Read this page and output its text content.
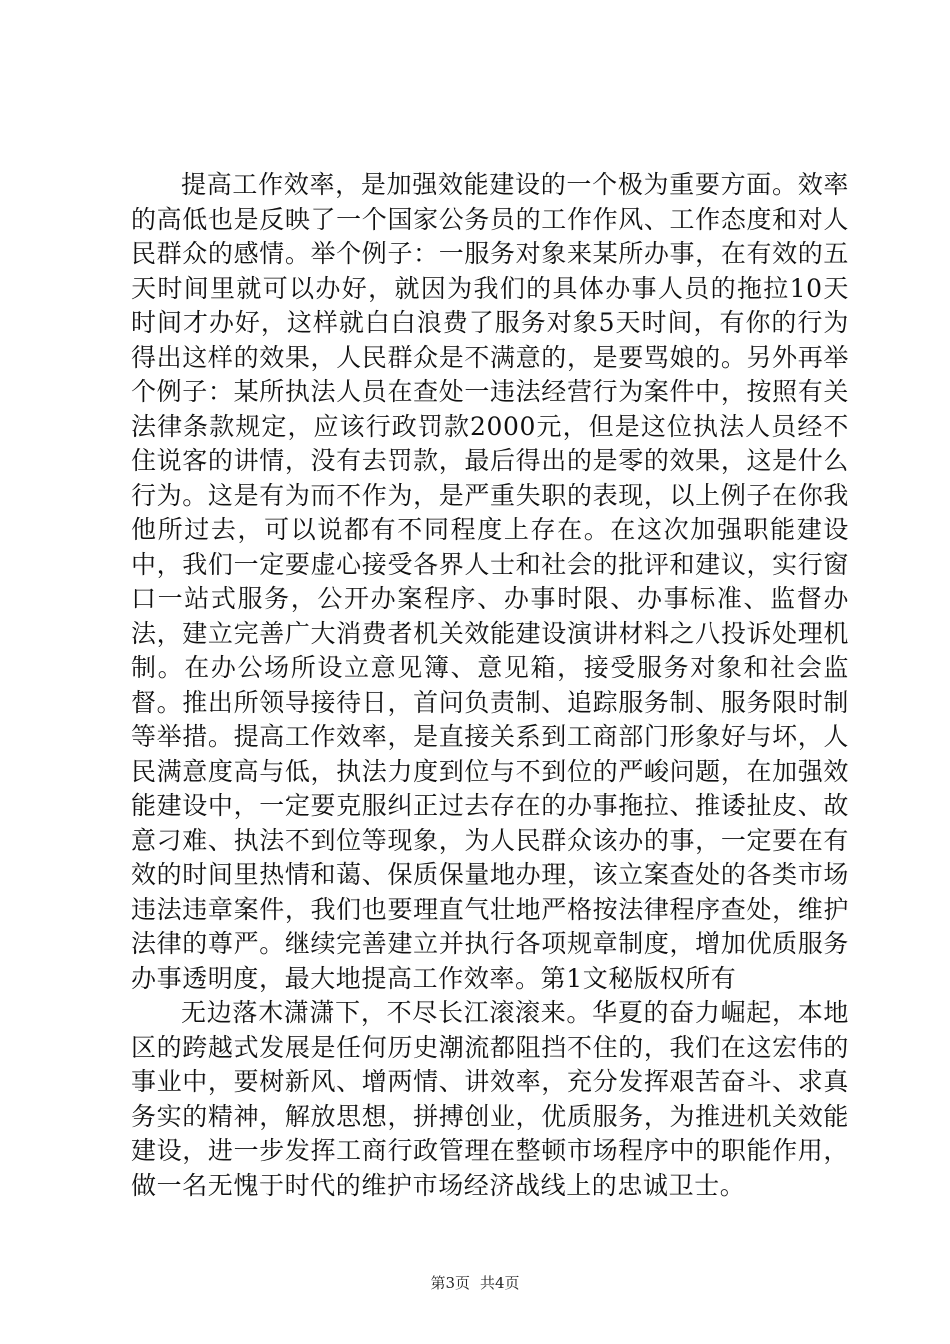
提高工作效率，是加强效能建设的一个极为重要方面。效率的高低也是反映了一个国家公务员的工作作风、工作态度和对人民群众的感情。举个例子：一服务对象来某所办事，在有效的五天时间里就可以办好，就因为我们的具体办事人员的拖拉10天时间才办好，这样就白白浪费了服务对象5天时间，有你的行为得出这样的效果，人民群众是不满意的，是要骂娘的。另外再举个例子：某所执法人员在查处一违法经营行为案件中，按照有关法律条款规定，应该行政罚款2000元，但是这位执法人员经不住说客的讲情，没有去罚款，最后得出的是零的效果，这是什么行为。这是有为而不作为，是严重失职的表现，以上例子在你我他所过去，可以说都有不同程度上存在。在这次加强职能建设中，我们一定要虚心接受各界人士和社会的批评和建议，实行窗口一站式服务，公开办案程序、办事时限、办事标准、监督办法，建立完善广大消费者机关效能建设演讲材料之八投诉处理机制。在办公场所设立意见簿、意见箱，接受服务对象和社会监督。推出所领导接待日，首问负责制、追踪服务制、服务限时制等举措。提高工作效率，是直接关系到工商部门形象好与坏，人民满意度高与低，执法力度到位与不到位的严峻问题，在加强效能建设中，一定要克服纠正过去存在的办事拖拉、推诿扯皮、故意刁难、执法不到位等现象，为人民群众该办的事，一定要在有效的时间里热情和蔼、保质保量地办理，该立案查处的各类市场违法违章案件，我们也要理直气壮地严格按法律程序查处，维护法律的尊严。继续完善建立并执行各项规章制度，增加优质服务办事透明度，最大地提高工作效率。第1文秘版权所有

无边落木潇潇下，不尽长江滚滚来。华夏的奋力崛起，本地区的跨越式发展是任何历史潮流都阻挡不住的，我们在这宏伟的事业中，要树新风、增两情、讲效率，充分发挥艰苦奋斗、求真务实的精神，解放思想，拼搏创业，优质服务，为推进机关效能建设，进一步发挥工商行政管理在整顿市场程序中的职能作用，做一名无愧于时代的维护市场经济战线上的忠诚卫士。

第3页 共4页
